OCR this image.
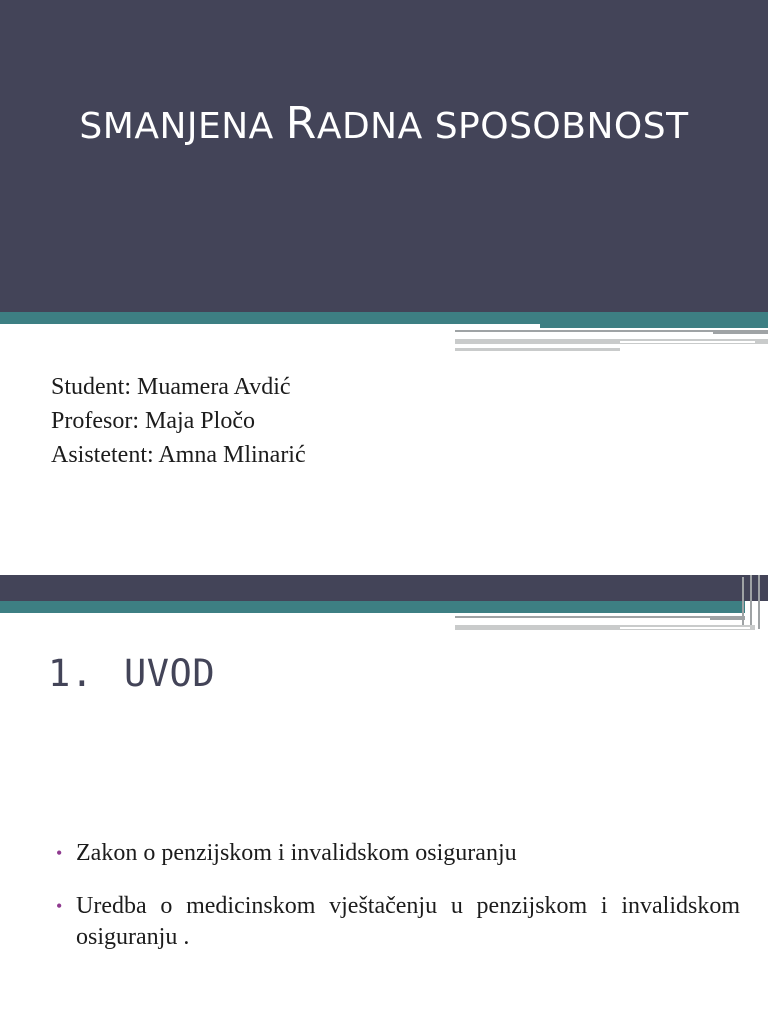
SMANJENA RADNA SPOSOBNOST
Student: Muamera Avdić
Profesor: Maja Pločo
Asistetent: Amna Mlinarić
1. UVOD
• Zakon o penzijskom i invalidskom osiguranju
• Uredba o medicinskom vještačenju u penzijskom i invalidskom osiguranju .
